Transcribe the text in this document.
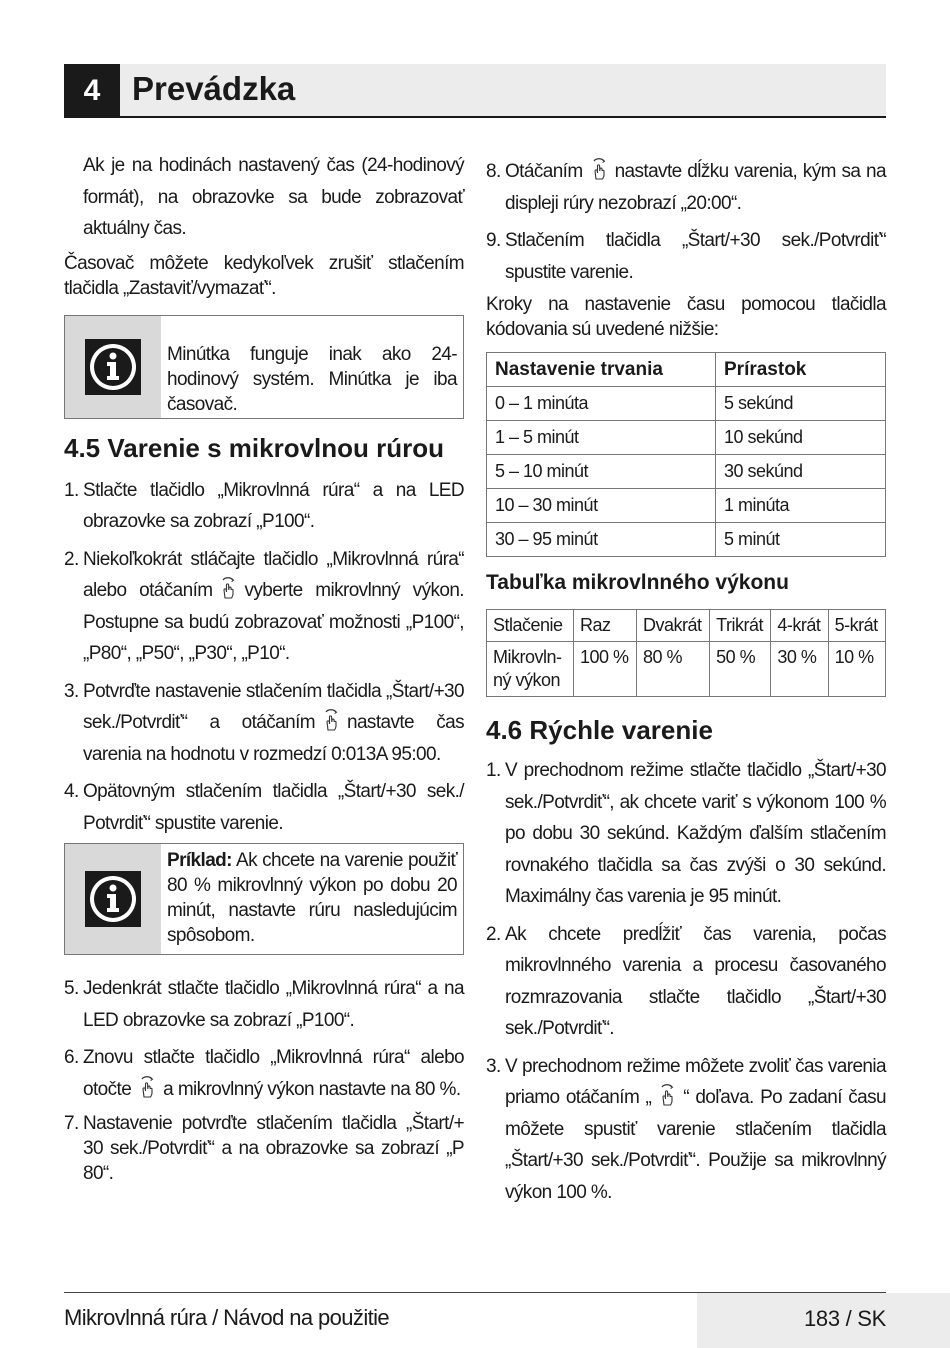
4 Prevádzka

Ak je na hodinách nastavený čas (24-hodinový formát), na obrazovke sa bude zobrazovať aktuálny čas.

Časovač môžete kedykoľvek zrušiť stlačením tlačidla „Zastaviť/vymazať“.

Minútka funguje inak ako 24-hodinový systém. Minútka je iba časovač.
4.5 Varenie s mikrovlnou rúrou
1. Stlačte tlačidlo „Mikrovlnná rúra“ a na LED obrazovke sa zobrazí „P100“.
2. Niekoľkokrát stláčajte tlačidlo „Mikrovlnná rúra“ alebo otáčaním vyberte mikrovlnný výkon. Postupne sa budú zobrazovať možnosti „P100“, „P80“, „P50“, „P30“, „P10“.
3. Potvrďte nastavenie stlačením tlačidla „Štart/+30 sek./Potvrdiť“ a otáčaním nastavte čas varenia na hodnotu v rozmedzí 0:013A 95:00.
4. Opätovným stlačením tlačidla „Štart/+30 sek./ Potvrdiť“ spustite varenie.
Príklad: Ak chcete na varenie použiť 80 % mikrovlnný výkon po dobu 20 minút, nastavte rúru nasledujúcim spôsobom.
5. Jedenkrát stlačte tlačidlo „Mikrovlnná rúra“ a na LED obrazovke sa zobrazí „P100“.
6. Znovu stlačte tlačidlo „Mikrovlnná rúra“ alebo otočte a mikrovlnný výkon nastavte na 80 %.
7. Nastavenie potvrďte stlačením tlačidla „Štart/+ 30 sek./Potvrdiť“ a na obrazovke sa zobrazí „P 80“.
8. Otáčaním nastavte dĺžku varenia, kým sa na displeji rúry nezobrazí „20:00“.
9. Stlačením tlačidla „Štart/+30 sek./Potvrdiť“ spustite varenie.

Kroky na nastavenie času pomocou tlačidla kódovania sú uvedené nižšie:

Nastavenie trvania	Prírastok
0 – 1 minúta	5 sekúnd
1 – 5 minút	10 sekúnd
5 – 10 minút	30 sekúnd
10 – 30 minút	1 minúta
30 – 95 minút	5 minút
Tabuľka mikrovlnného výkonu
Stlačenie	Raz	Dvakrát	Trikrát	4-krát	5-krát
Mikrovln-ný výkon	100 %	80 %	50 %	30 %	10 %
4.6 Rýchle varenie
1. V prechodnom režime stlačte tlačidlo „Štart/+30 sek./Potvrdiť“, ak chcete variť s výkonom 100 % po dobu 30 sekúnd. Každým ďalším stlačením rovnakého tlačidla sa čas zvýši o 30 sekúnd. Maximálny čas varenia je 95 minút.
2. Ak chcete predĺžiť čas varenia, počas mikrovlnného varenia a procesu časovaného rozmrazovania stlačte tlačidlo „Štart/+30 sek./Potvrdiť“.
3. V prechodnom režime môžete zvoliť čas varenia priamo otáčaním „ “ doľava. Po zadaní času môžete spustiť varenie stlačením tlačidla „Štart/+30 sek./Potvrdiť“. Použije sa mikrovlnný výkon 100 %.
Mikrovlnná rúra / Návod na použitie	183 / SK
